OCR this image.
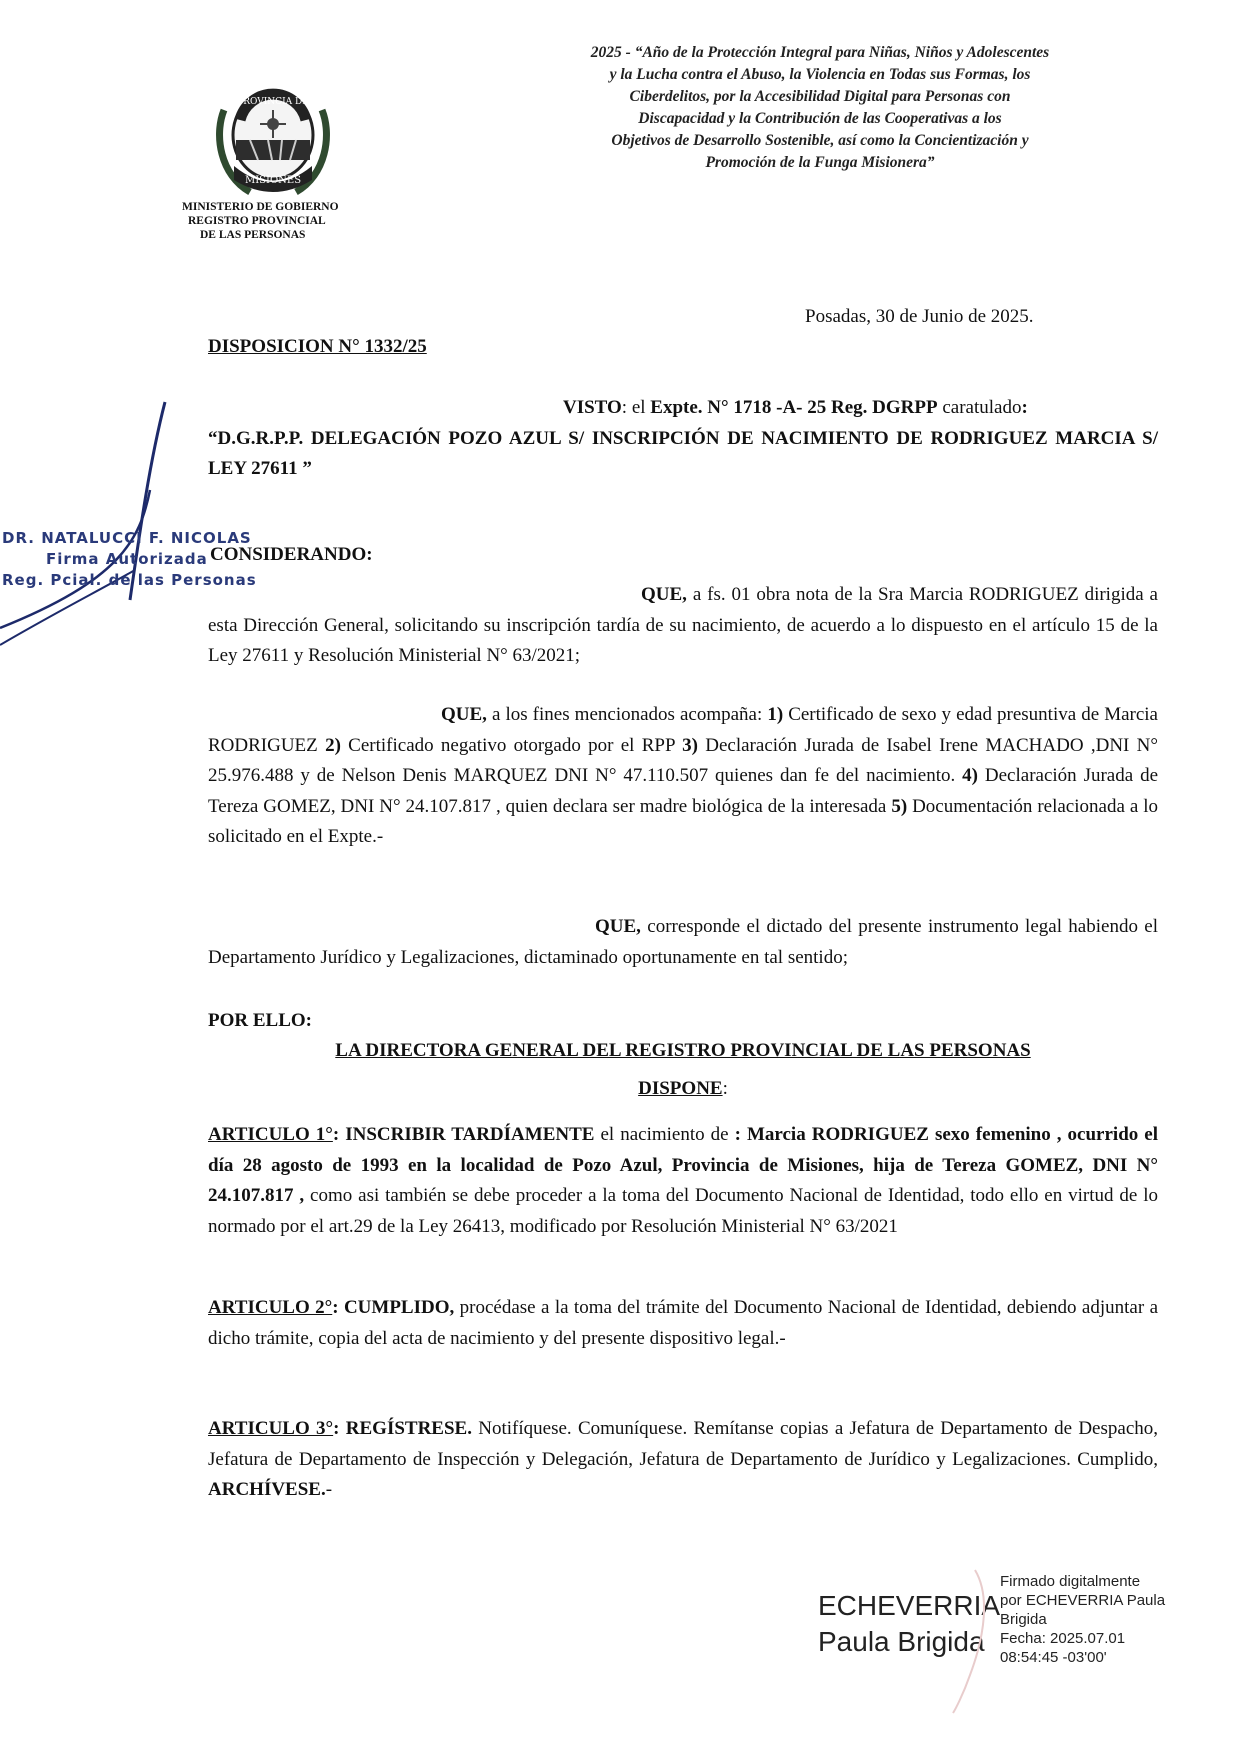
2025 - “Año de la Protección Integral para Niñas, Niños y Adolescentes
y la Lucha contra el Abuso, la Violencia en Todas sus Formas, los
Ciberdelitos, por la Accesibilidad Digital para Personas con
Discapacidad y la Contribución de las Cooperativas a los
Objetivos de Desarrollo Sostenible, así como la Concientización y
Promoción de la Funga Misionera”
PROVINCIA DE
MISIONES
MINISTERIO DE GOBIERNO
REGISTRO PROVINCIAL
DE LAS PERSONAS
Posadas, 30 de Junio de 2025.
DISPOSICION N° 1332/25
VISTO: el Expte. N° 1718 -A- 25 Reg. DGRPP caratulado:
“D.G.R.P.P. DELEGACIÓN POZO AZUL S/ INSCRIPCIÓN DE NACIMIENTO DE RODRIGUEZ MARCIA S/ LEY 27611 ”
CONSIDERANDO:
QUE, a fs. 01 obra nota de la Sra Marcia RODRIGUEZ dirigida a esta Dirección General, solicitando su inscripción tardía de su nacimiento, de acuerdo a lo dispuesto en el artículo 15 de la Ley 27611 y Resolución Ministerial N° 63/2021;
QUE, a los fines mencionados acompaña: 1) Certificado de sexo y edad presuntiva de Marcia RODRIGUEZ 2) Certificado negativo otorgado por el RPP 3) Declaración Jurada de Isabel Irene MACHADO ,DNI N° 25.976.488 y de Nelson Denis MARQUEZ DNI N° 47.110.507 quienes dan fe del nacimiento. 4) Declaración Jurada de Tereza GOMEZ, DNI N° 24.107.817 , quien declara ser madre biológica de la interesada 5) Documentación relacionada a lo solicitado en el Expte.-
QUE, corresponde el dictado del presente instrumento legal habiendo el Departamento Jurídico y Legalizaciones, dictaminado oportunamente en tal sentido;
POR ELLO:
LA DIRECTORA GENERAL DEL REGISTRO PROVINCIAL DE LAS PERSONAS
DISPONE:
ARTICULO 1°: INSCRIBIR TARDÍAMENTE el nacimiento de : Marcia RODRIGUEZ sexo femenino , ocurrido el día 28 agosto de 1993 en la localidad de Pozo Azul, Provincia de Misiones, hija de Tereza GOMEZ, DNI N° 24.107.817 , como asi también se debe proceder a la toma del Documento Nacional de Identidad, todo ello en virtud de lo normado por el art.29 de la Ley 26413, modificado por Resolución Ministerial N° 63/2021
ARTICULO 2°: CUMPLIDO, procédase a la toma del trámite del Documento Nacional de Identidad, debiendo adjuntar a dicho trámite, copia del acta de nacimiento y del presente dispositivo legal.-
ARTICULO 3°: REGÍSTRESE. Notifíquese. Comuníquese. Remítanse copias a Jefatura de Departamento de Despacho, Jefatura de Departamento de Inspección y Delegación, Jefatura de Departamento de Jurídico y Legalizaciones. Cumplido, ARCHÍVESE.-
DR. NATALUCCI F. NICOLAS
Firma Autorizada
Reg. Pcial. de las Personas
ECHEVERRIA
Paula Brigida
Firmado digitalmente
por ECHEVERRIA Paula
Brigida
Fecha: 2025.07.01
08:54:45 -03'00'
